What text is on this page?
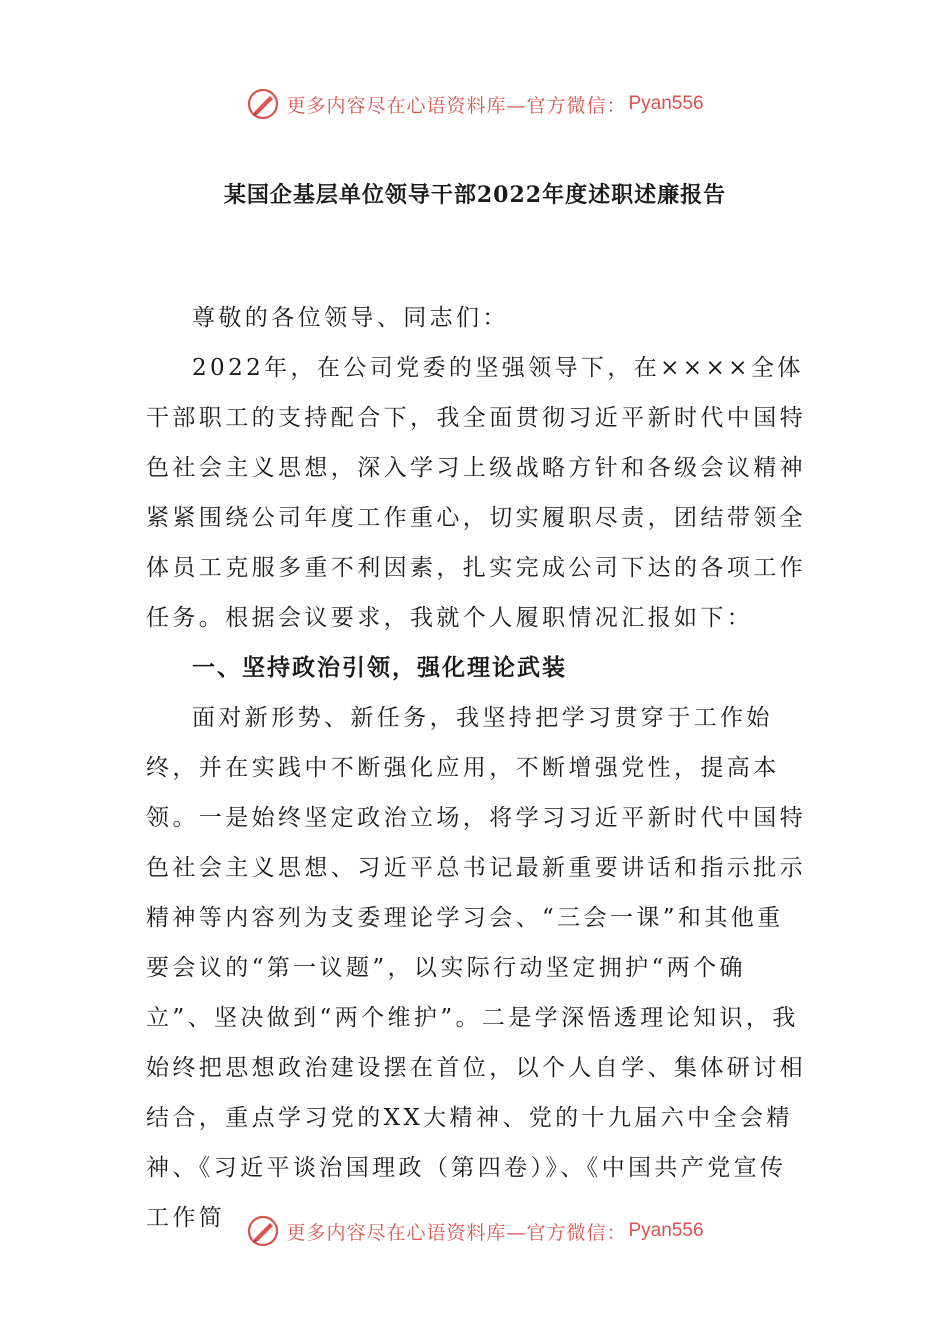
更多内容尽在心语资料库—官方微信： Pyan556
某国企基层单位领导干部2022年度述职述廉报告

尊敬的各位领导、同志们：

2022年，在公司党委的坚强领导下，在××××全体干部职工的支持配合下，我全面贯彻习近平新时代中国特色社会主义思想，深入学习上级战略方针和各级会议精神紧紧围绕公司年度工作重心，切实履职尽责，团结带领全体员工克服多重不利因素，扎实完成公司下达的各项工作任务。根据会议要求，我就个人履职情况汇报如下：

一、坚持政治引领，强化理论武装

面对新形势、新任务，我坚持把学习贯穿于工作始终，并在实践中不断强化应用，不断增强党性，提高本领。一是始终坚定政治立场，将学习习近平新时代中国特色社会主义思想、习近平总书记最新重要讲话和指示批示精神等内容列为支委理论学习会、“三会一课”和其他重要会议的“第一议题”，以实际行动坚定拥护“两个确立”、坚决做到“两个维护”。二是学深悟透理论知识，我始终把思想政治建设摆在首位，以个人自学、集体研讨相结合，重点学习党的XX大精神、党的十九届六中全会精神、《习近平谈治国理政（第四卷）》、《中国共产党宣传工作简

更多内容尽在心语资料库—官方微信： Pyan556
